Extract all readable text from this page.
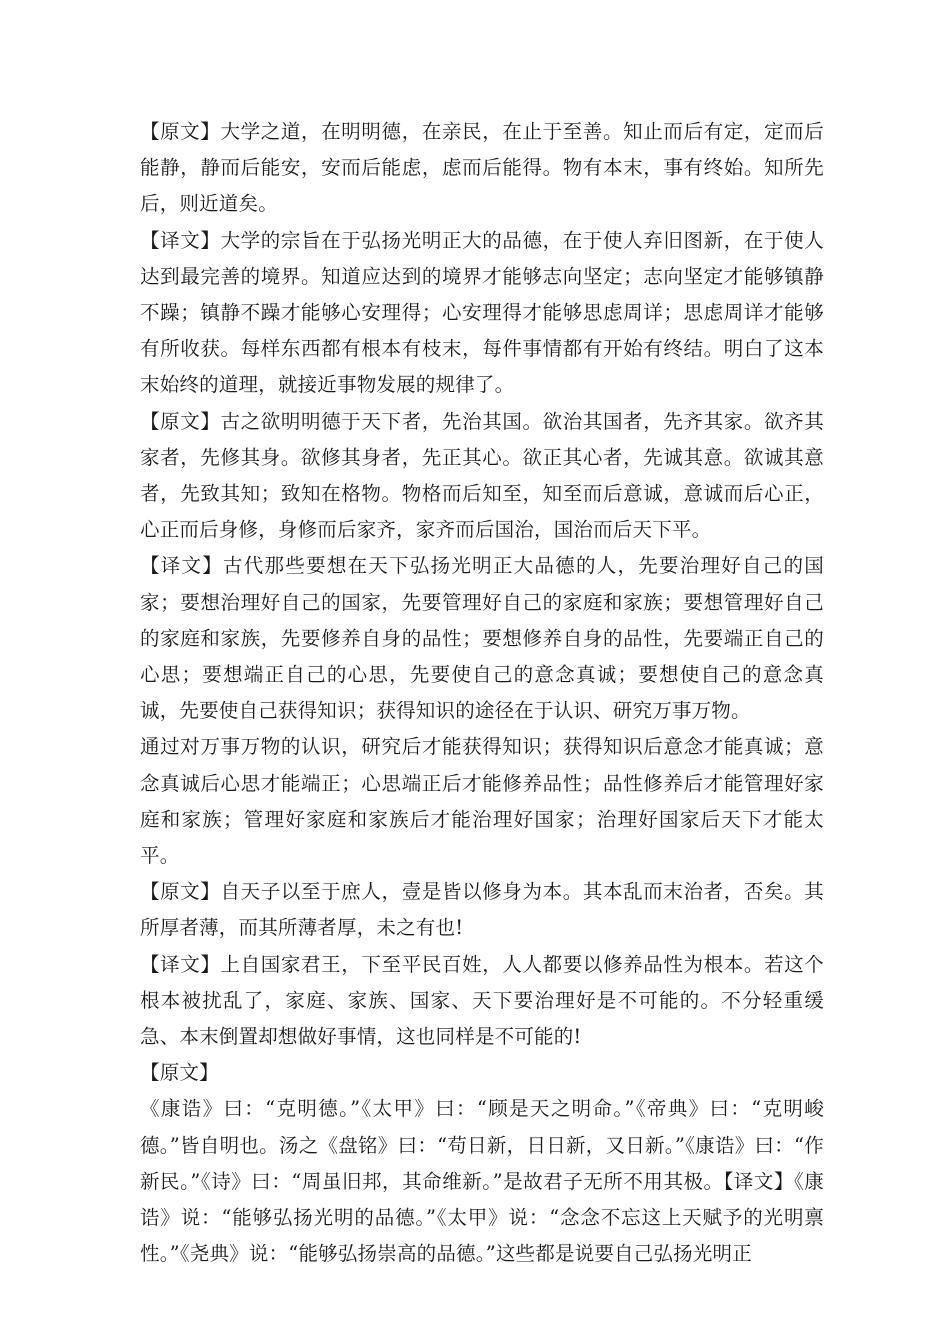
【原文】大学之道，在明明德，在亲民，在止于至善。知止而后有定，定而后能静，静而后能安，安而后能虑，虑而后能得。物有本末，事有终始。知所先后，则近道矣。

【译文】大学的宗旨在于弘扬光明正大的品德，在于使人弃旧图新，在于使人达到最完善的境界。知道应达到的境界才能够志向坚定；志向坚定才能够镇静不躁；镇静不躁才能够心安理得；心安理得才能够思虑周详；思虑周详才能够有所收获。每样东西都有根本有枝末，每件事情都有开始有终结。明白了这本末始终的道理，就接近事物发展的规律了。

【原文】古之欲明明德于天下者，先治其国。欲治其国者，先齐其家。欲齐其家者，先修其身。欲修其身者，先正其心。欲正其心者，先诚其意。欲诚其意者，先致其知；致知在格物。物格而后知至，知至而后意诚，意诚而后心正，心正而后身修，身修而后家齐，家齐而后国治，国治而后天下平。

【译文】古代那些要想在天下弘扬光明正大品德的人，先要治理好自己的国家；要想治理好自己的国家，先要管理好自己的家庭和家族；要想管理好自己的家庭和家族，先要修养自身的品性；要想修养自身的品性，先要端正自己的心思；要想端正自己的心思，先要使自己的意念真诚；要想使自己的意念真诚，先要使自己获得知识；获得知识的途径在于认识、研究万事万物。

通过对万事万物的认识，研究后才能获得知识；获得知识后意念才能真诚；意念真诚后心思才能端正；心思端正后才能修养品性；品性修养后才能管理好家庭和家族；管理好家庭和家族后才能治理好国家；治理好国家后天下才能太平。

【原文】自天子以至于庶人，壹是皆以修身为本。其本乱而末治者，否矣。其所厚者薄，而其所薄者厚，未之有也!

【译文】上自国家君王，下至平民百姓，人人都要以修养品性为根本。若这个根本被扰乱了，家庭、家族、国家、天下要治理好是不可能的。不分轻重缓急、本末倒置却想做好事情，这也同样是不可能的!

【原文】

《康诰》曰：“克明德。”《太甲》曰：“顾是天之明命。”《帝典》曰：“克明峻德。”皆自明也。汤之《盘铭》曰：“苟日新，日日新，又日新。”《康诰》曰：“作新民。”《诗》曰：“周虽旧邦，其命维新。”是故君子无所不用其极。【译文】《康诰》说：“能够弘扬光明的品德。”《太甲》说：“念念不忘这上天赋予的光明禀性。”《尧典》说：“能够弘扬崇高的品德。”这些都是说要自己弘扬光明正
